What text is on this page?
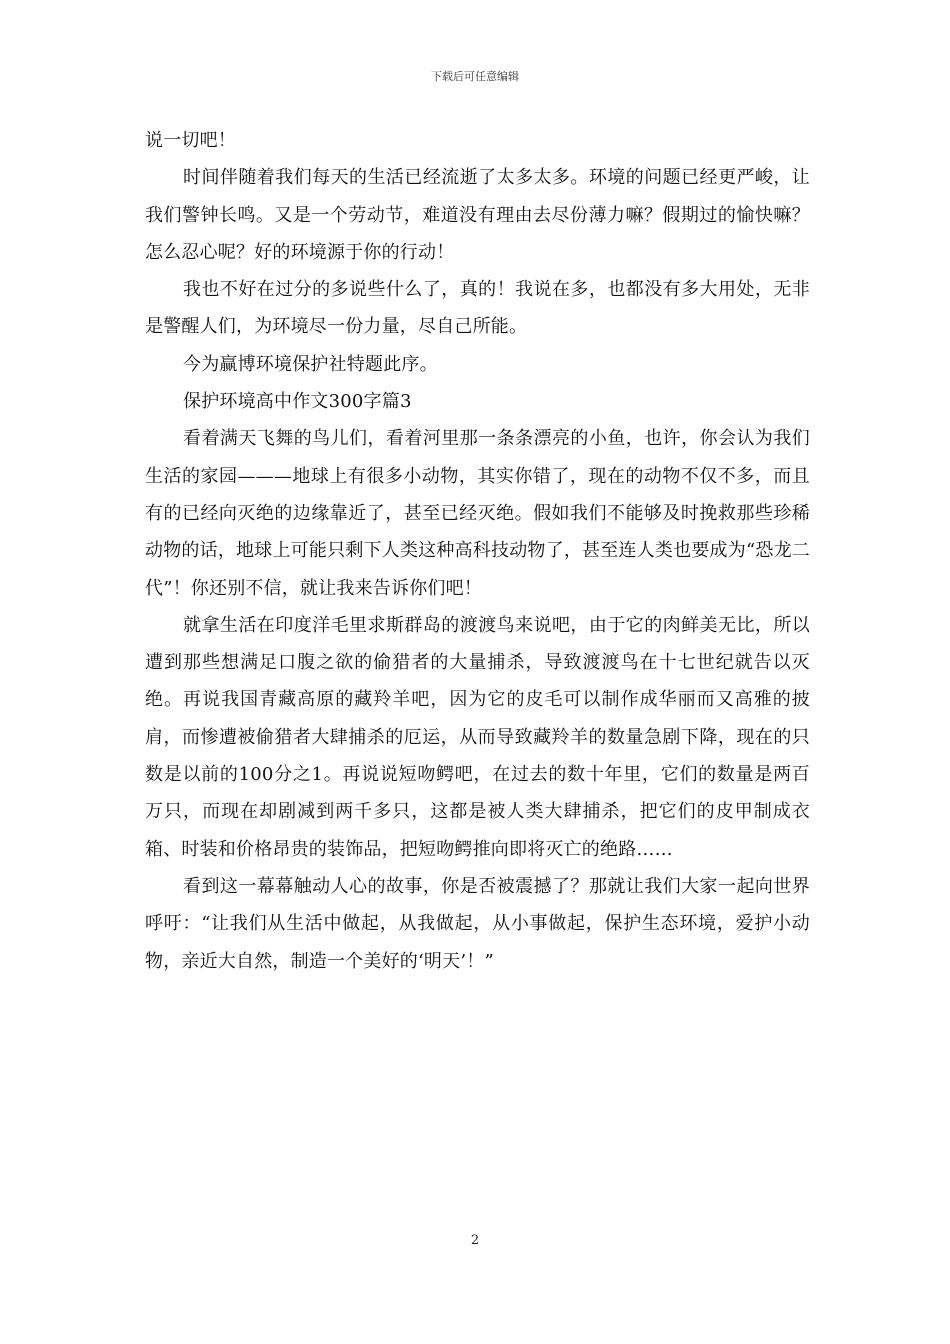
下载后可任意编辑

说一切吧！

时间伴随着我们每天的生活已经流逝了太多太多。环境的问题已经更严峻，让我们警钟长鸣。又是一个劳动节，难道没有理由去尽份薄力嘛？假期过的愉快嘛？怎么忍心呢？好的环境源于你的行动！

我也不好在过分的多说些什么了，真的！我说在多，也都没有多大用处，无非是警醒人们，为环境尽一份力量，尽自己所能。

今为赢博环境保护社特题此序。

保护环境高中作文300字篇3

看着满天飞舞的鸟儿们，看着河里那一条条漂亮的小鱼，也许，你会认为我们生活的家园———地球上有很多小动物，其实你错了，现在的动物不仅不多，而且有的已经向灭绝的边缘靠近了，甚至已经灭绝。假如我们不能够及时挽救那些珍稀动物的话，地球上可能只剩下人类这种高科技动物了，甚至连人类也要成为“恐龙二代”！你还别不信，就让我来告诉你们吧！

就拿生活在印度洋毛里求斯群岛的渡渡鸟来说吧，由于它的肉鲜美无比，所以遭到那些想满足口腹之欲的偷猎者的大量捕杀，导致渡渡鸟在十七世纪就告以灭绝。再说我国青藏高原的藏羚羊吧，因为它的皮毛可以制作成华丽而又高雅的披肩，而惨遭被偷猎者大肆捕杀的厄运，从而导致藏羚羊的数量急剧下降，现在的只数是以前的100分之1。再说说短吻鳄吧，在过去的数十年里，它们的数量是两百万只，而现在却剧减到两千多只，这都是被人类大肆捕杀，把它们的皮甲制成衣箱、时装和价格昂贵的装饰品，把短吻鳄推向即将灭亡的绝路……

看到这一幕幕触动人心的故事，你是否被震撼了？那就让我们大家一起向世界呼吁：“让我们从生活中做起，从我做起，从小事做起，保护生态环境，爱护小动物，亲近大自然，制造一个美好的‘明天’！”

2
